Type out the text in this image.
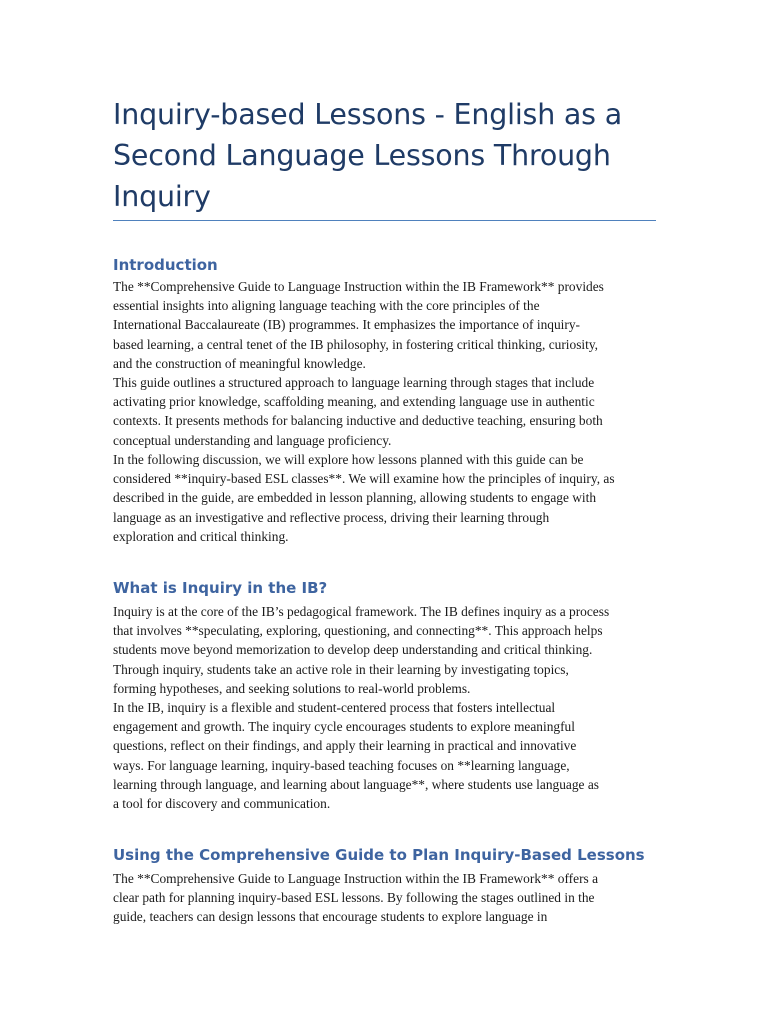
Inquiry-based Lessons - English as a
Second Language Lessons Through
Inquiry
Introduction

The **Comprehensive Guide to Language Instruction within the IB Framework** provides
essential insights into aligning language teaching with the core principles of the
International Baccalaureate (IB) programmes. It emphasizes the importance of inquiry-
based learning, a central tenet of the IB philosophy, in fostering critical thinking, curiosity,
and the construction of meaningful knowledge.

This guide outlines a structured approach to language learning through stages that include
activating prior knowledge, scaffolding meaning, and extending language use in authentic
contexts. It presents methods for balancing inductive and deductive teaching, ensuring both
conceptual understanding and language proficiency.

In the following discussion, we will explore how lessons planned with this guide can be
considered **inquiry-based ESL classes**. We will examine how the principles of inquiry, as
described in the guide, are embedded in lesson planning, allowing students to engage with
language as an investigative and reflective process, driving their learning through
exploration and critical thinking.

What is Inquiry in the IB?

Inquiry is at the core of the IB’s pedagogical framework. The IB defines inquiry as a process
that involves **speculating, exploring, questioning, and connecting**. This approach helps
students move beyond memorization to develop deep understanding and critical thinking.
Through inquiry, students take an active role in their learning by investigating topics,
forming hypotheses, and seeking solutions to real-world problems.

In the IB, inquiry is a flexible and student-centered process that fosters intellectual
engagement and growth. The inquiry cycle encourages students to explore meaningful
questions, reflect on their findings, and apply their learning in practical and innovative
ways. For language learning, inquiry-based teaching focuses on **learning language,
learning through language, and learning about language**, where students use language as
a tool for discovery and communication.

Using the Comprehensive Guide to Plan Inquiry-Based Lessons

The **Comprehensive Guide to Language Instruction within the IB Framework** offers a
clear path for planning inquiry-based ESL lessons. By following the stages outlined in the
guide, teachers can design lessons that encourage students to explore language in
